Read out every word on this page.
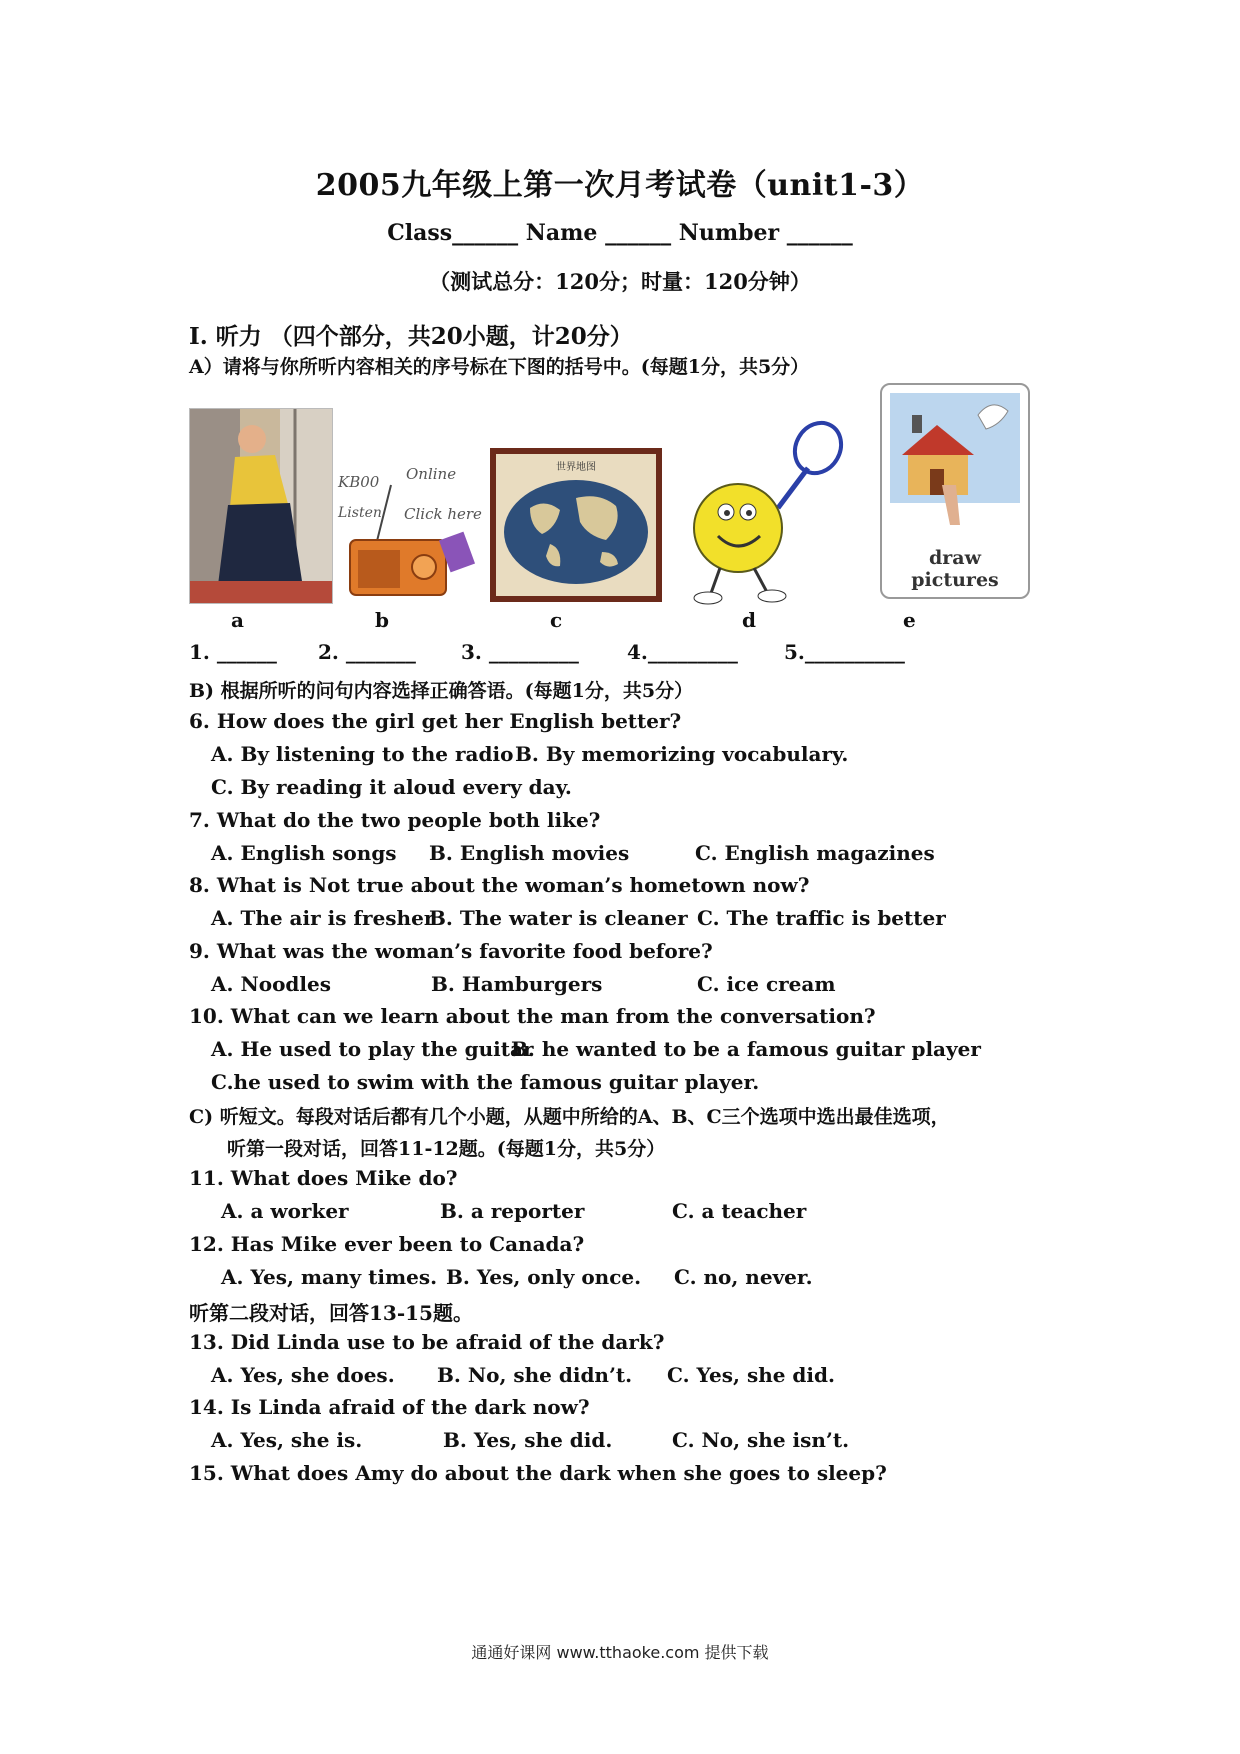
2005九年级上第一次月考试卷（unit1-3）
Class______ Name ______ Number ______
（测试总分：120分；时量：120分钟）
Ⅰ. 听力 （四个部分，共20小题，计20分）
A）请将与你所听内容相关的序号标在下图的括号中。(每题1分，共5分）
a
KB00 Online
Listen Click here
b
世界地图
c	d
draw pictures
e
1. ______ 2. _______ 3. _________ 4._________ 5.__________
B) 根据所听的问句内容选择正确答语。(每题1分，共5分）
6. How does the girl get her English better?
A. By listening to the radio B. By memorizing vocabulary.
C. By reading it aloud every day.
7. What do the two people both like?
A. English songs B. English movies	C. English magazines
8. What is Not true about the woman’s hometown now?
A. The air is fresher
B. The water is cleaner C. The traffic is better
9. What was the woman’s favorite food before?
A. Noodles	B. Hamburgers	C. ice cream
10. What can we learn about the man from the conversation?
A. He used to play the guitar
B. he wanted to be a famous guitar player
C.he used to swim with the famous guitar player.
C) 听短文。每段对话后都有几个小题，从题中所给的A、B、C三个选项中选出最佳选项，
听第一段对话，回答11-12题。(每题1分，共5分）
11. What does Mike do?
A. a worker	B. a reporter	C. a teacher
12. Has Mike ever been to Canada?
A. Yes, many times. B. Yes, only once. C. no, never.
听第二段对话，回答13-15题。
13. Did Linda use to be afraid of the dark?
A. Yes, she does. B. No, she didn’t. C. Yes, she did.
14. Is Linda afraid of the dark now?
A. Yes, she is.	B. Yes, she did.	C. No, she isn’t.
15. What does Amy do about the dark when she goes to sleep?
通通好课网 www.tthaoke.com 提供下载
